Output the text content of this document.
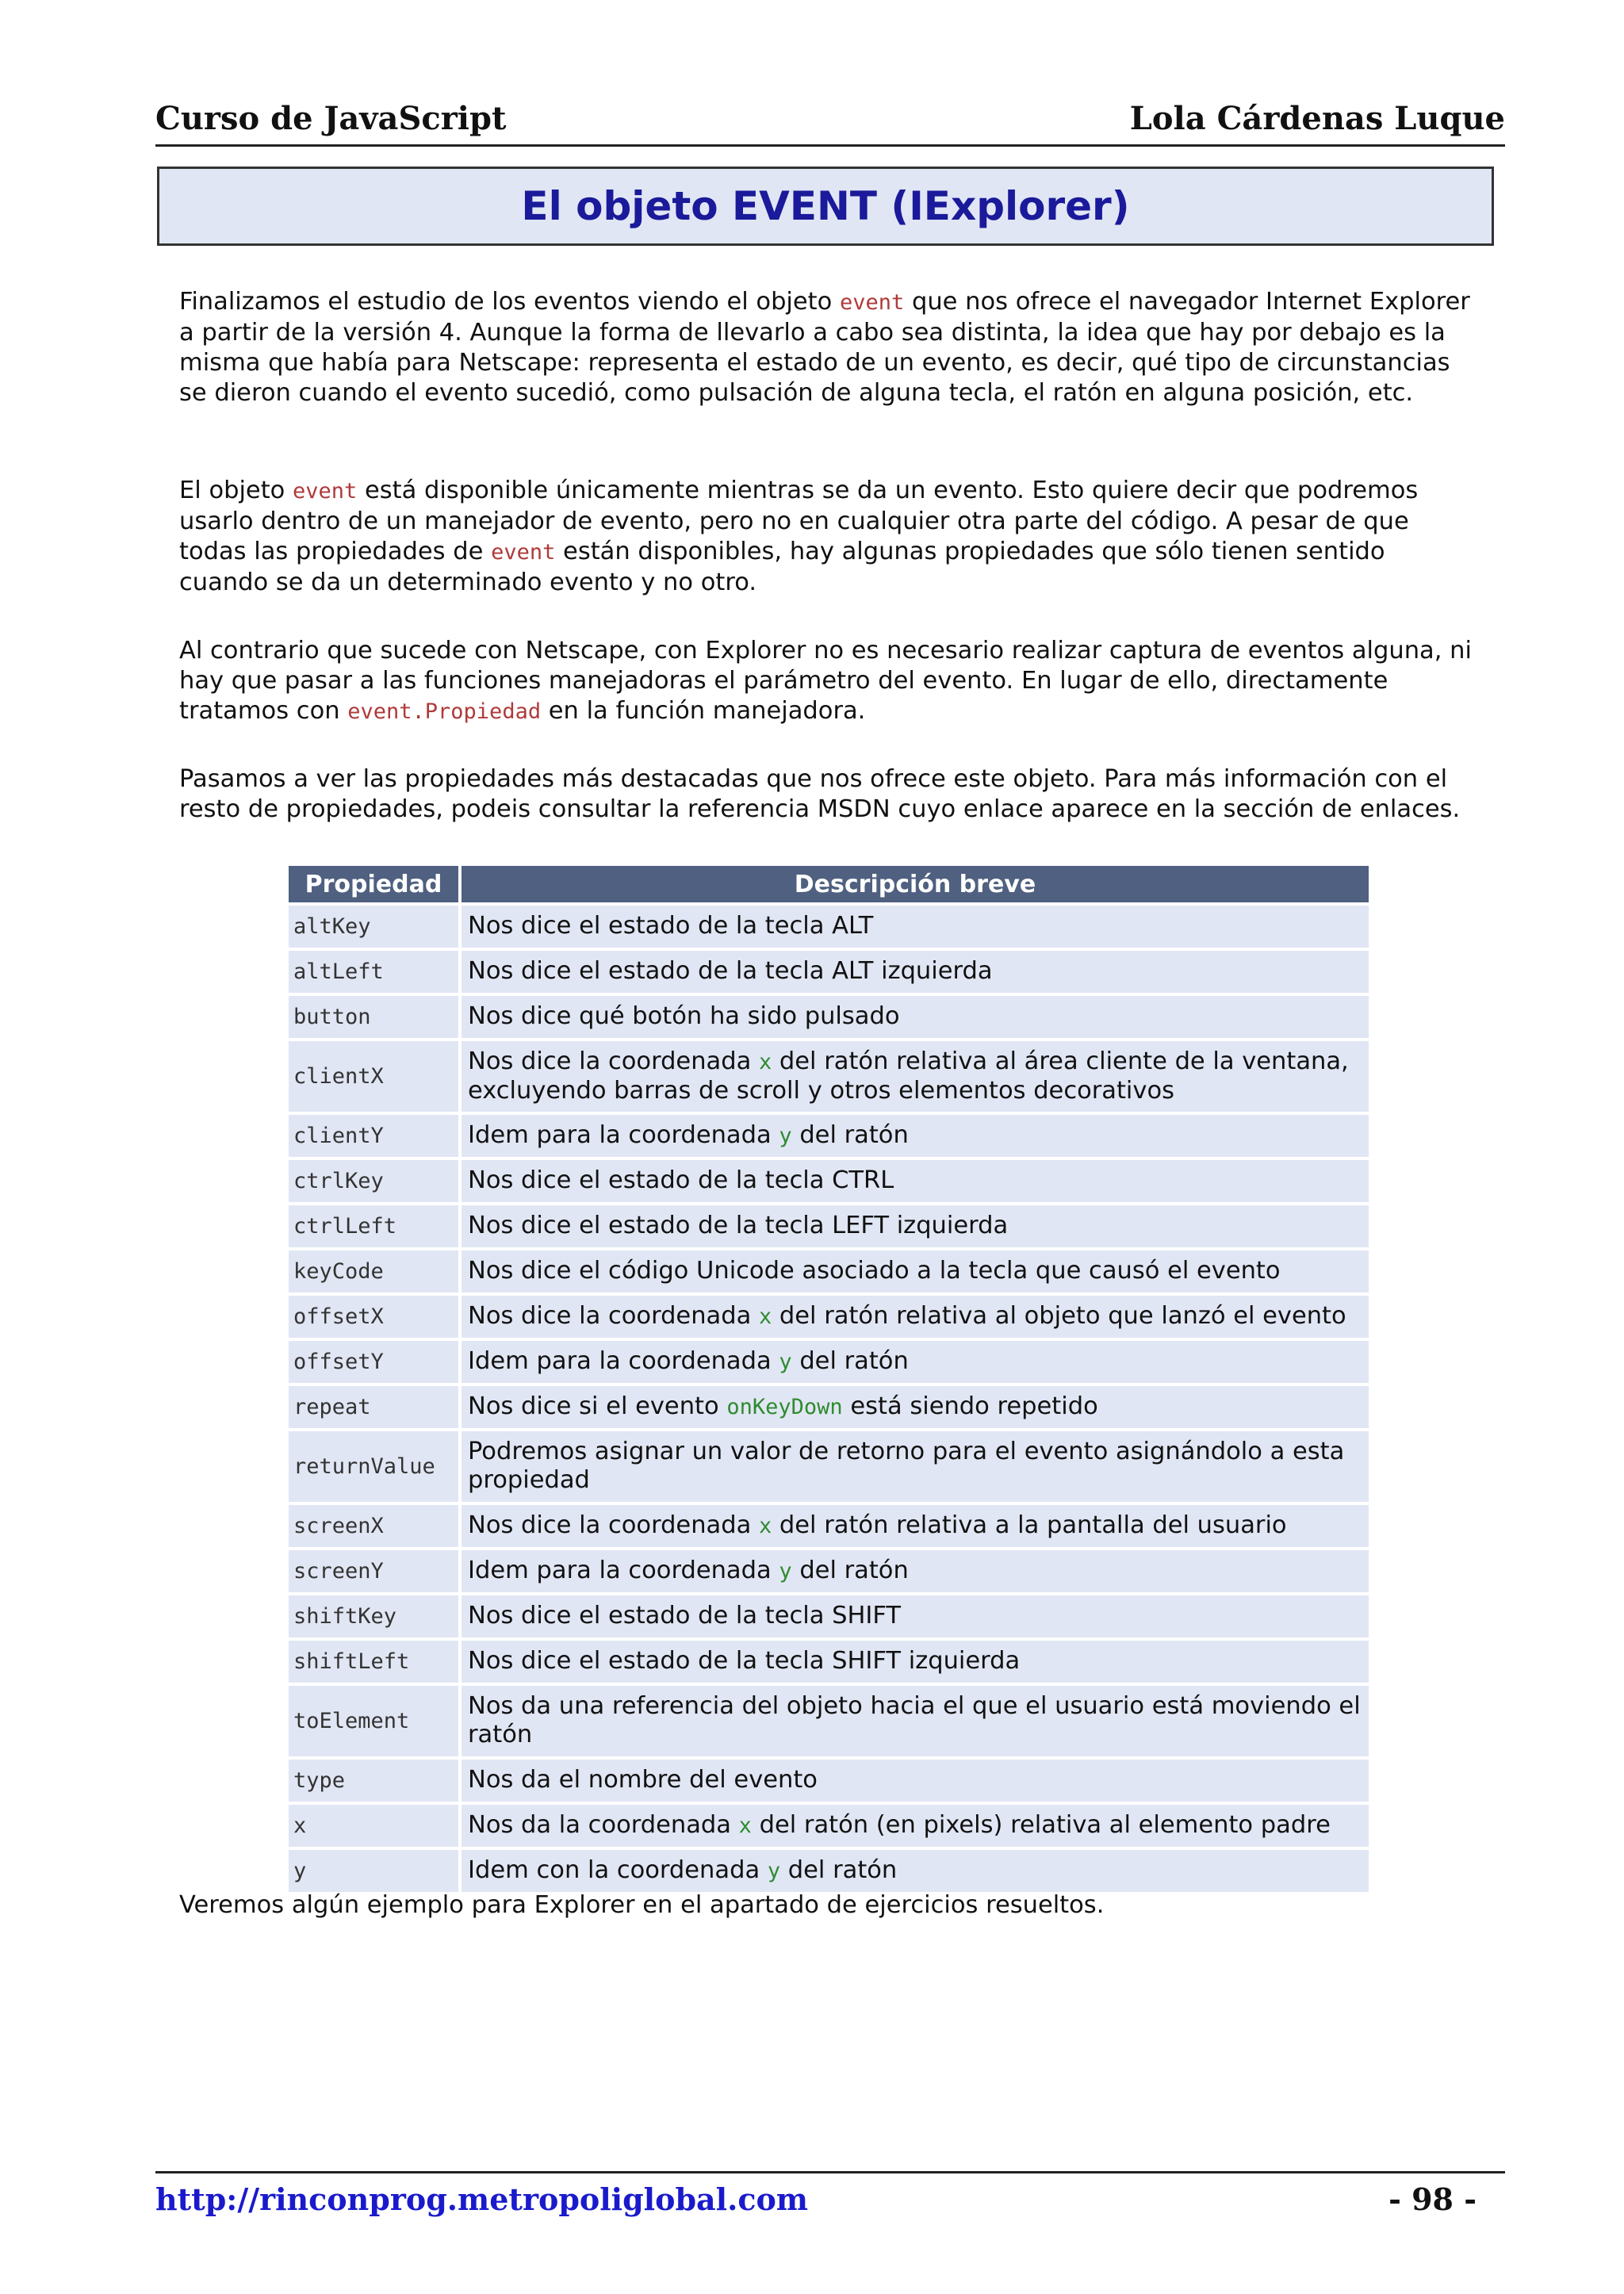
Curso de JavaScript	Lola Cárdenas Luque
El objeto EVENT (IExplorer)

Finalizamos el estudio de los eventos viendo el objeto event que nos ofrece el navegador Internet Explorer a partir de la versión 4. Aunque la forma de llevarlo a cabo sea distinta, la idea que hay por debajo es la misma que había para Netscape: representa el estado de un evento, es decir, qué tipo de circunstancias se dieron cuando el evento sucedió, como pulsación de alguna tecla, el ratón en alguna posición, etc.

El objeto event está disponible únicamente mientras se da un evento. Esto quiere decir que podremos usarlo dentro de un manejador de evento, pero no en cualquier otra parte del código. A pesar de que todas las propiedades de event están disponibles, hay algunas propiedades que sólo tienen sentido cuando se da un determinado evento y no otro.

Al contrario que sucede con Netscape, con Explorer no es necesario realizar captura de eventos alguna, ni hay que pasar a las funciones manejadoras el parámetro del evento. En lugar de ello, directamente tratamos con event.Propiedad en la función manejadora.

Pasamos a ver las propiedades más destacadas que nos ofrece este objeto. Para más información con el resto de propiedades, podeis consultar la referencia MSDN cuyo enlace aparece en la sección de enlaces.

Propiedad	Descripción breve
altKey	Nos dice el estado de la tecla ALT
altLeft	Nos dice el estado de la tecla ALT izquierda
button	Nos dice qué botón ha sido pulsado
clientX	Nos dice la coordenada x del ratón relativa al área cliente de la ventana, excluyendo barras de scroll y otros elementos decorativos
clientY	Idem para la coordenada y del ratón
ctrlKey	Nos dice el estado de la tecla CTRL
ctrlLeft	Nos dice el estado de la tecla LEFT izquierda
keyCode	Nos dice el código Unicode asociado a la tecla que causó el evento
offsetX	Nos dice la coordenada x del ratón relativa al objeto que lanzó el evento
offsetY	Idem para la coordenada y del ratón
repeat	Nos dice si el evento onKeyDown está siendo repetido
returnValue	Podremos asignar un valor de retorno para el evento asignándolo a esta propiedad
screenX	Nos dice la coordenada x del ratón relativa a la pantalla del usuario
screenY	Idem para la coordenada y del ratón
shiftKey	Nos dice el estado de la tecla SHIFT
shiftLeft	Nos dice el estado de la tecla SHIFT izquierda
toElement	Nos da una referencia del objeto hacia el que el usuario está moviendo el ratón
type	Nos da el nombre del evento
x	Nos da la coordenada x del ratón (en pixels) relativa al elemento padre
y	Idem con la coordenada y del ratón

Veremos algún ejemplo para Explorer en el apartado de ejercicios resueltos.

http://rinconprog.metropoliglobal.com	- 98 -
